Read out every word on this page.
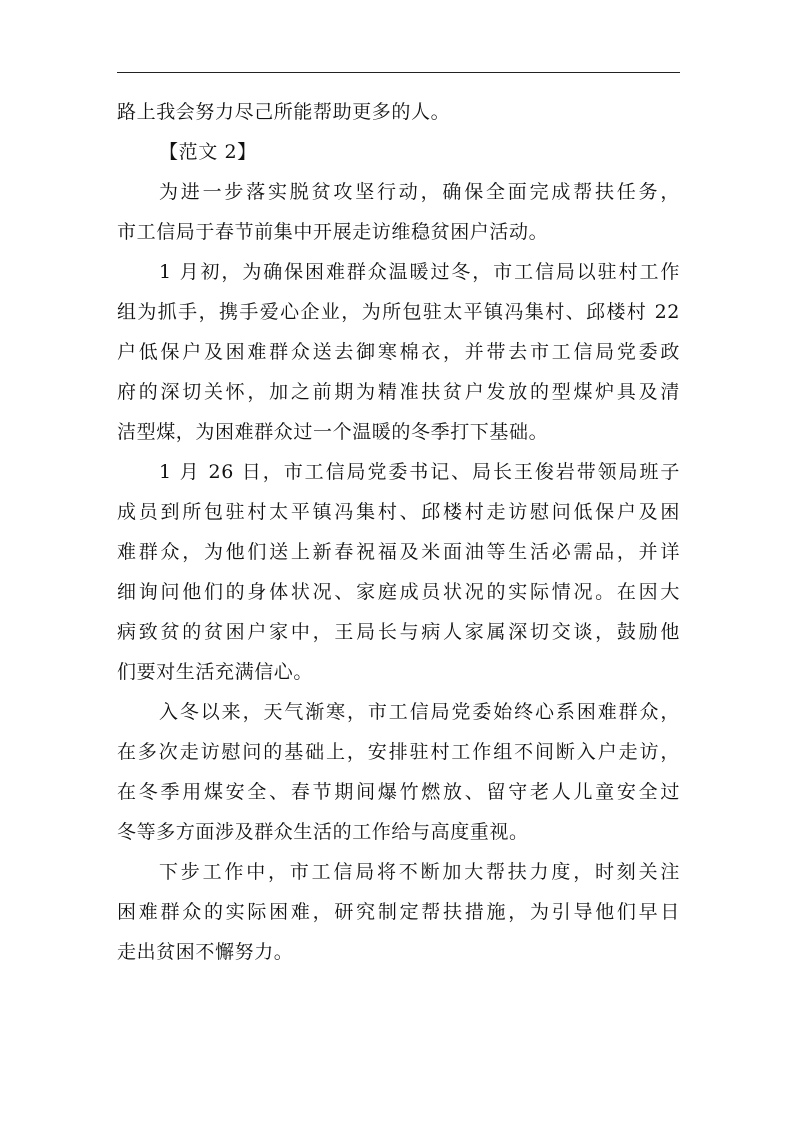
路上我会努力尽己所能帮助更多的人。
【范文 2】
为进一步落实脱贫攻坚行动，确保全面完成帮扶任务，
市工信局于春节前集中开展走访维稳贫困户活动。
1 月初，为确保困难群众温暖过冬，市工信局以驻村工作
组为抓手，携手爱心企业，为所包驻太平镇冯集村、邱楼村 22
户低保户及困难群众送去御寒棉衣，并带去市工信局党委政
府的深切关怀，加之前期为精准扶贫户发放的型煤炉具及清
洁型煤，为困难群众过一个温暖的冬季打下基础。
1 月 26 日，市工信局党委书记、局长王俊岩带领局班子
成员到所包驻村太平镇冯集村、邱楼村走访慰问低保户及困
难群众，为他们送上新春祝福及米面油等生活必需品，并详
细询问他们的身体状况、家庭成员状况的实际情况。在因大
病致贫的贫困户家中，王局长与病人家属深切交谈，鼓励他
们要对生活充满信心。
入冬以来，天气渐寒，市工信局党委始终心系困难群众，
在多次走访慰问的基础上，安排驻村工作组不间断入户走访，
在冬季用煤安全、春节期间爆竹燃放、留守老人儿童安全过
冬等多方面涉及群众生活的工作给与高度重视。
下步工作中，市工信局将不断加大帮扶力度，时刻关注
困难群众的实际困难，研究制定帮扶措施，为引导他们早日
走出贫困不懈努力。
